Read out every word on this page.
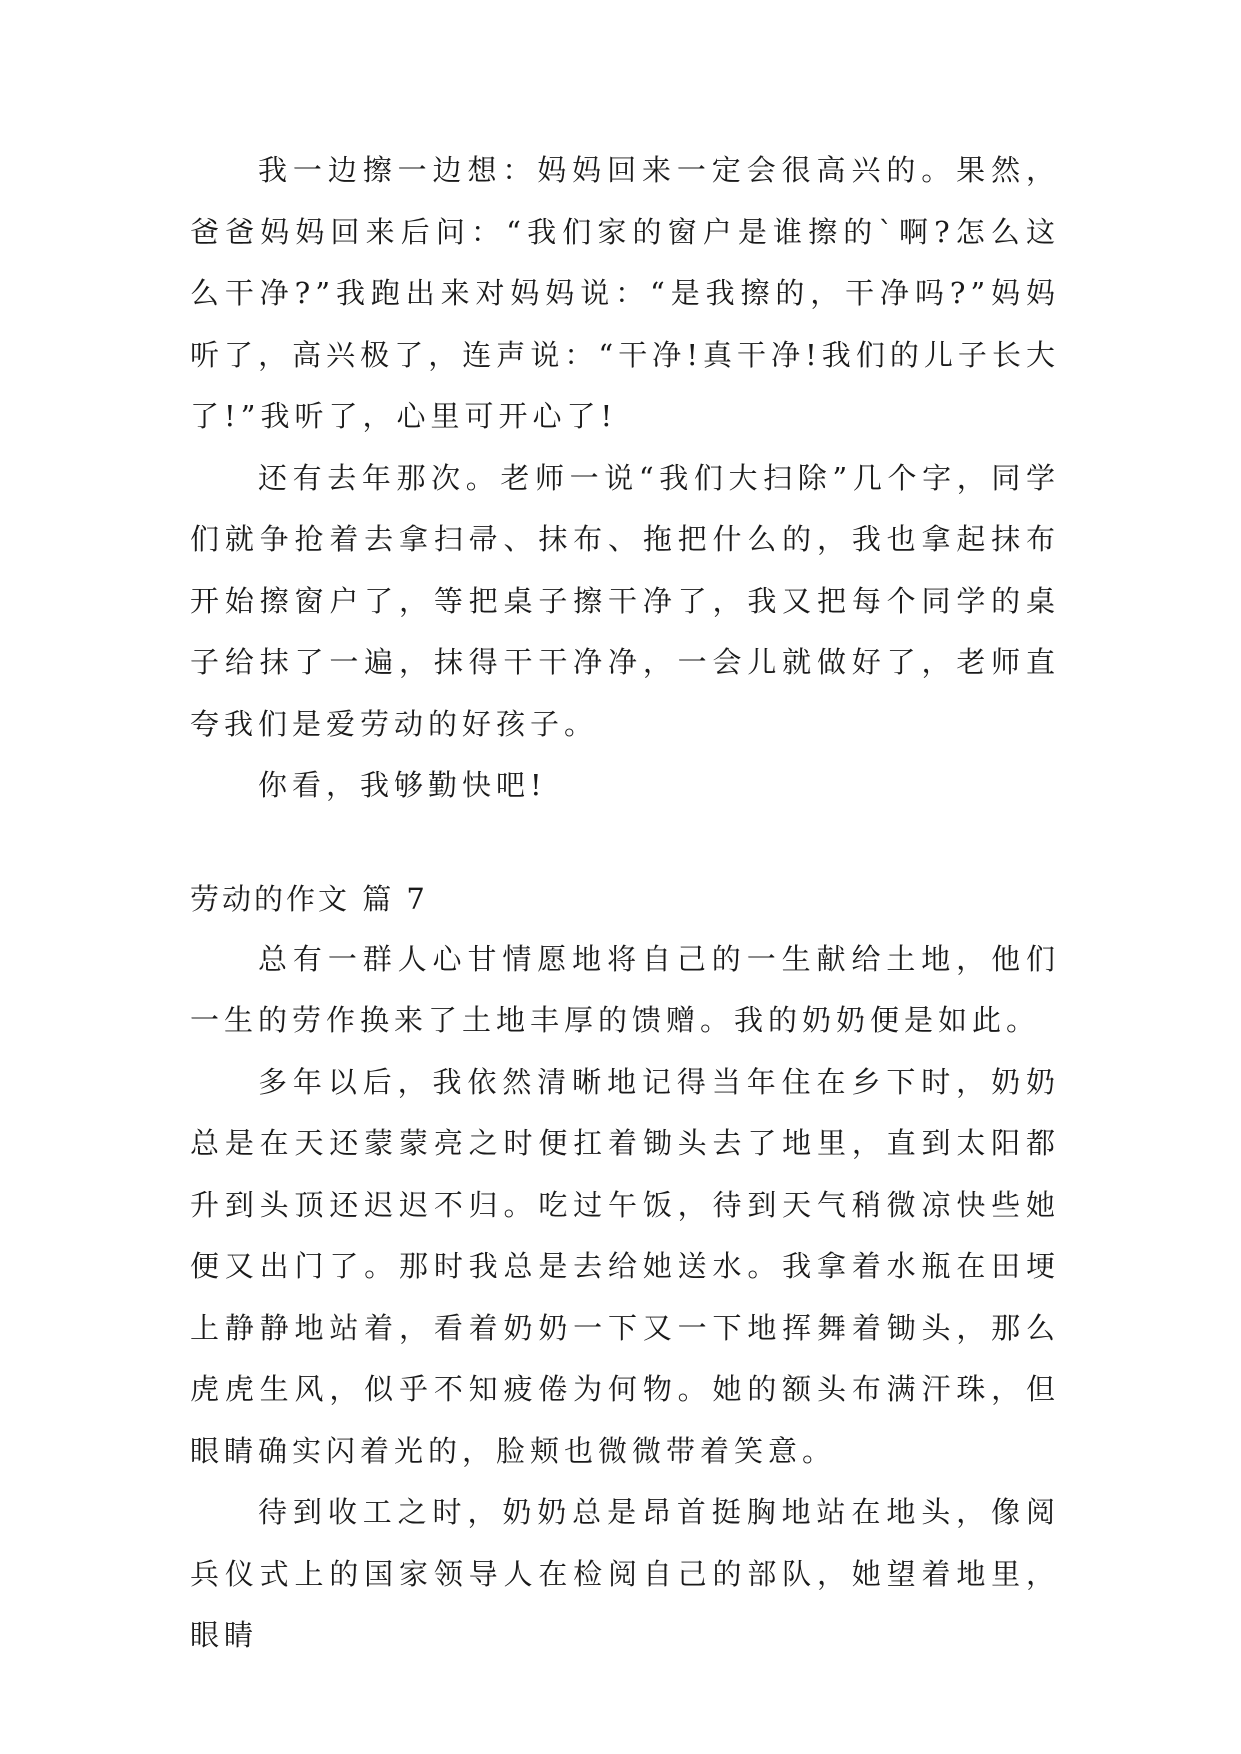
我一边擦一边想：妈妈回来一定会很高兴的。果然，爸爸妈妈回来后问：“我们家的窗户是谁擦的`啊?怎么这么干净?”我跑出来对妈妈说：“是我擦的，干净吗?”妈妈听了，高兴极了，连声说：“干净!真干净!我们的儿子长大了!”我听了，心里可开心了!

还有去年那次。老师一说“我们大扫除”几个字，同学们就争抢着去拿扫帚、抹布、拖把什么的，我也拿起抹布开始擦窗户了，等把桌子擦干净了，我又把每个同学的桌子给抹了一遍，抹得干干净净，一会儿就做好了，老师直夸我们是爱劳动的好孩子。

你看，我够勤快吧!

劳动的作文 篇 7

总有一群人心甘情愿地将自己的一生献给土地，他们一生的劳作换来了土地丰厚的馈赠。我的奶奶便是如此。

多年以后，我依然清晰地记得当年住在乡下时，奶奶总是在天还蒙蒙亮之时便扛着锄头去了地里，直到太阳都升到头顶还迟迟不归。吃过午饭，待到天气稍微凉快些她便又出门了。那时我总是去给她送水。我拿着水瓶在田埂上静静地站着，看着奶奶一下又一下地挥舞着锄头，那么虎虎生风，似乎不知疲倦为何物。她的额头布满汗珠，但眼睛确实闪着光的，脸颊也微微带着笑意。

待到收工之时，奶奶总是昂首挺胸地站在地头，像阅兵仪式上的国家领导人在检阅自己的部队，她望着地里，眼睛
